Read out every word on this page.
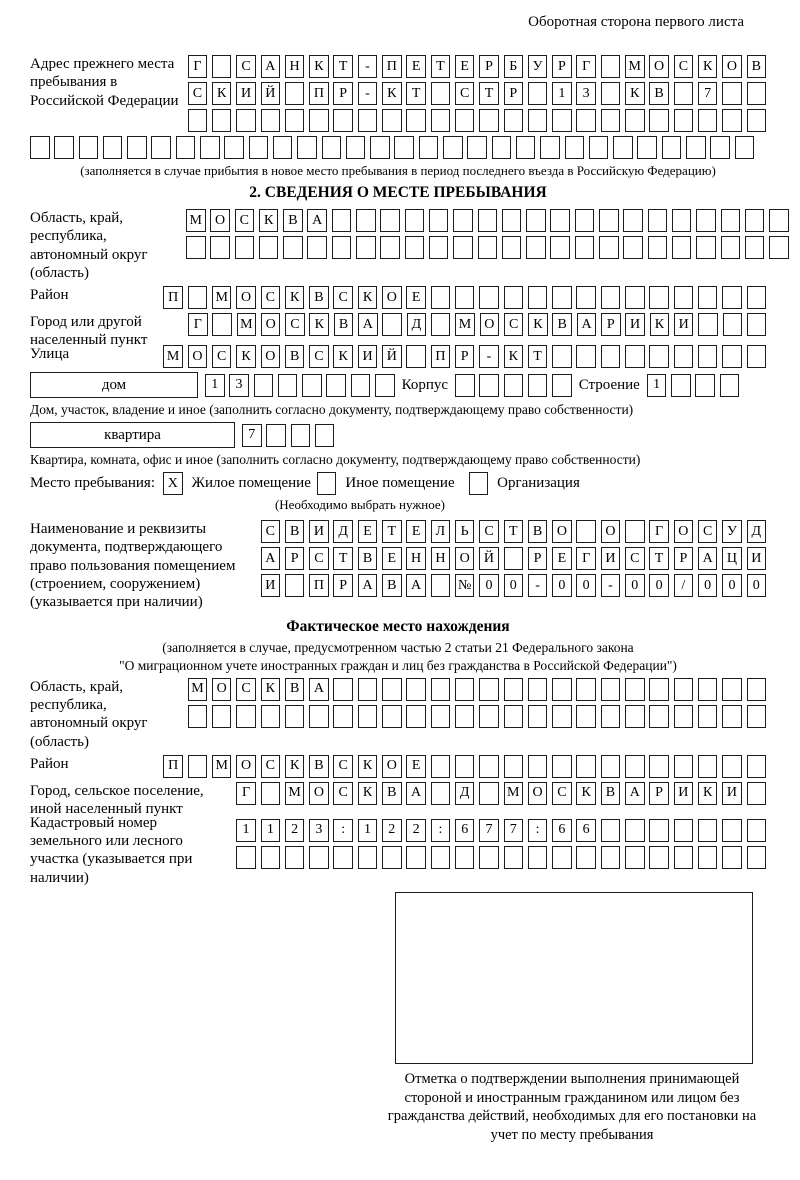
Оборотная сторона первого листа
Адрес прежнего места пребывания в Российской Федерации
Г	С	А	Н	К	Т	-	П	Е	Т	Е	Р	Б	У	Р	Г	М О	С	К	О	В
С	К	И	Й	П	Р	-	К	Т	С	Т	Р	1	3	К	В	7
(заполняется в случае прибытия в новое место пребывания в период последнего въезда в Российскую Федерацию)
2. СВЕДЕНИЯ О МЕСТЕ ПРЕБЫВАНИЯ
Область, край, республика, автономный округ (область)
М О	С	К	В	А
Район	П	М О	С	К	В	С	К	О	Е
Город или другой населенный пункт
Г	М О	С	К	В	А	Д	М О	С	К	В	А	Р	И	К	И
Улица	М О	С	К	О	В	С	К	И	Й	П	Р	-	К	Т
дом	1	3	Корпус	Строение 1
Дом, участок, владение и иное (заполнить согласно документу, подтверждающему право собственности)
квартира	7
Квартира, комната, офис и иное (заполнить согласно документу, подтверждающему право собственности)
Место пребывания: X Жилое помещение Иное помещение	Организация
(Необходимо выбрать нужное)
Наименование и реквизиты документа, подтверждающего право пользования помещением (строением, сооружением) (указывается при наличии)
С	В	И	Д	Е	Т	Е	Л	Ь	С	Т	В	О	О	Г	О	С	У	Д
А	Р	С	Т	В	Е	Н	Н	О	Й	Р	Е	Г	И	С	Т	Р	А	Ц	И
И	П	Р	А	В	А	№	0	0	-	0	0	-	0	0	/	0	0	0
Фактическое место нахождения
(заполняется в случае, предусмотренном частью 2 статьи 21 Федерального закона
"О миграционном учете иностранных граждан и лиц без гражданства в Российской Федерации")
Область, край, республика, автономный округ (область)
М О	С	К	В	А
Район	П	М О	С	К	В	С	К	О	Е
Город, сельское поселение, иной населенный пункт
Г	М О	С	К	В	А	Д	М О	С	К	В	А	Р	И	К	И
Кадастровый номер земельного или лесного участка (указывается при наличии)
1	1	2	3	:	1	2	2	:	6	7	7	:	6	6
Отметка о подтверждении выполнения принимающей стороной и иностранным гражданином или лицом без гражданства действий, необходимых для его постановки на учет по месту пребывания
